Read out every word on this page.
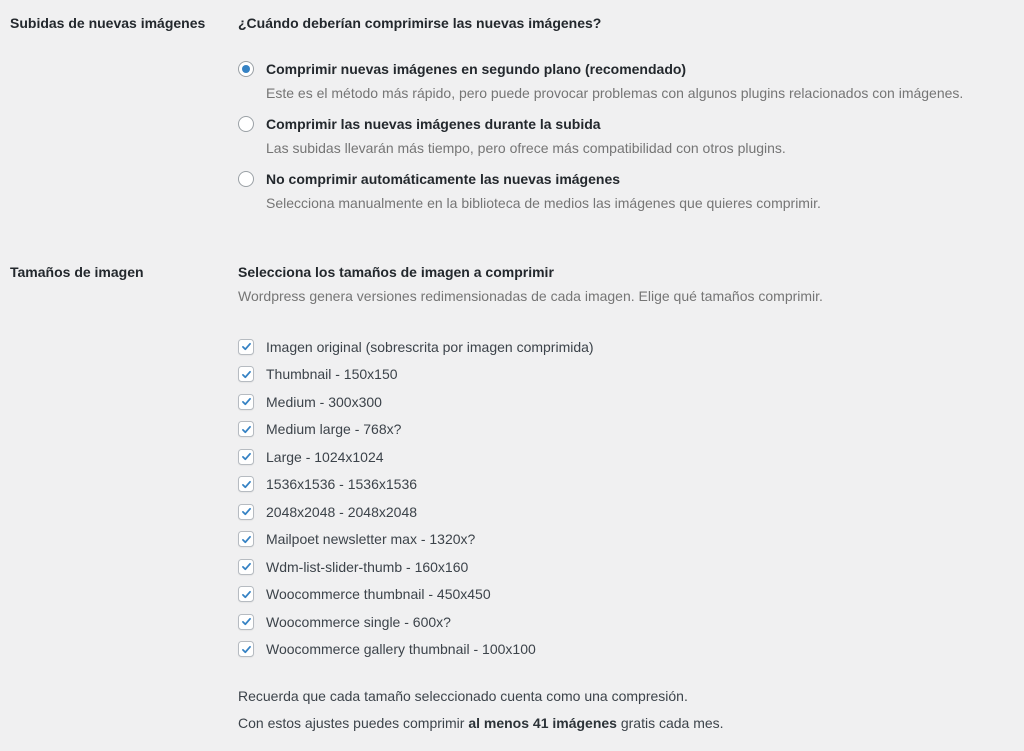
Subidas de nuevas imágenes	¿Cuándo deberían comprimirse las nuevas imágenes?

Comprimir nuevas imágenes en segundo plano (recomendado)

Este es el método más rápido, pero puede provocar problemas con algunos plugins relacionados con imágenes.

Comprimir las nuevas imágenes durante la subida

Las subidas llevarán más tiempo, pero ofrece más compatibilidad con otros plugins.

No comprimir automáticamente las nuevas imágenes

Selecciona manualmente en la biblioteca de medios las imágenes que quieres comprimir.

Tamaños de imagen	Selecciona los tamaños de imagen a comprimir

Wordpress genera versiones redimensionadas de cada imagen. Elige qué tamaños comprimir.

Imagen original (sobrescrita por imagen comprimida)
Thumbnail - 150x150
Medium - 300x300
Medium large - 768x?
Large - 1024x1024
1536x1536 - 1536x1536
2048x2048 - 2048x2048
Mailpoet newsletter max - 1320x?
Wdm-list-slider-thumb - 160x160
Woocommerce thumbnail - 450x450
Woocommerce single - 600x?
Woocommerce gallery thumbnail - 100x100

Recuerda que cada tamaño seleccionado cuenta como una compresión.

Con estos ajustes puedes comprimir al menos 41 imágenes gratis cada mes.
